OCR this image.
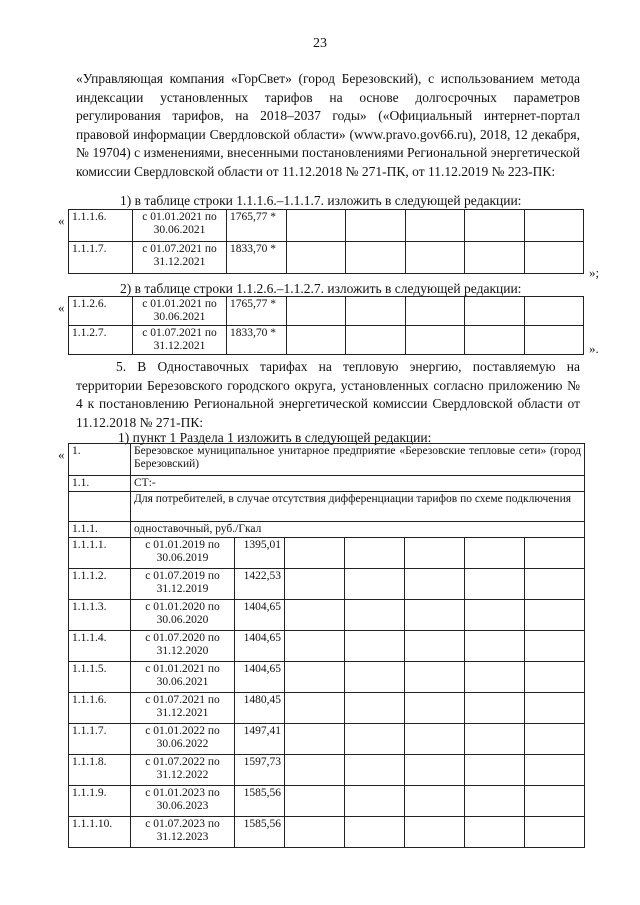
23

«Управляющая компания «ГорСвет» (город Березовский), с использованием метода индексации установленных тарифов на основе долгосрочных параметров регулирования тарифов, на 2018–2037 годы» («Официальный интернет-портал правовой информации Свердловской области» (www.pravo.gov66.ru), 2018, 12 декабря, № 19704) с изменениями, внесенными постановлениями Региональной энергетической комиссии Свердловской области от 11.12.2018 № 271-ПК, от 11.12.2019 № 223-ПК:

1) в таблице строки 1.1.1.6.–1.1.1.7. изложить в следующей редакции:
« 1.1.1.6.	с 01.01.2021 по 30.06.2021	1765,77 *					
1.1.1.7.	с 01.07.2021 по 31.12.2021	1833,70 *					
»;
2) в таблице строки 1.1.2.6.–1.1.2.7. изложить в следующей редакции:
« 1.1.2.6.	с 01.01.2021 по 30.06.2021	1765,77 *					
1.1.2.7.	с 01.07.2021 по 31.12.2021	1833,70 *					
».

5. В Одноставочных тарифах на тепловую энергию, поставляемую на территории Березовского городского округа, установленных согласно приложению № 4 к постановлению Региональной энергетической комиссии Свердловской области от 11.12.2018 № 271-ПК:

1) пункт 1 Раздела 1 изложить в следующей редакции:
« 1.	Березовское муниципальное унитарное предприятие «Березовские тепловые сети» (город Березовский)						
1.1.	СТ:-						
	Для потребителей, в случае отсутствия дифференциации тарифов по схеме подключения						
1.1.1.	одноставочный, руб./Гкал						
1.1.1.1.	с 01.01.2019 по 30.06.2019	1395,01					
1.1.1.2.	с 01.07.2019 по 31.12.2019	1422,53					
1.1.1.3.	с 01.01.2020 по 30.06.2020	1404,65					
1.1.1.4.	с 01.07.2020 по 31.12.2020	1404,65					
1.1.1.5.	с 01.01.2021 по 30.06.2021	1404,65					
1.1.1.6.	с 01.07.2021 по 31.12.2021	1480,45					
1.1.1.7.	с 01.01.2022 по 30.06.2022	1497,41					
1.1.1.8.	с 01.07.2022 по 31.12.2022	1597,73					
1.1.1.9.	с 01.01.2023 по 30.06.2023	1585,56					
1.1.1.10.	с 01.07.2023 по 31.12.2023	1585,56					
